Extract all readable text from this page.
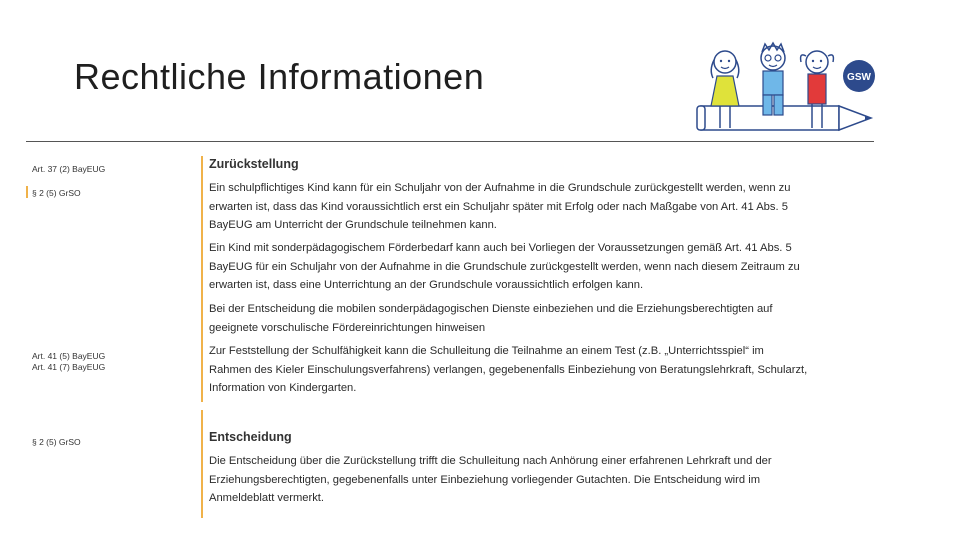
Rechtliche Informationen	GSW
Art. 37 (2) BayEUG
§ 2 (5) GrSO
Art. 41 (5) BayEUG
Art. 41 (7) BayEUG
§ 2 (5) GrSO
Zurückstellung

Ein schulpflichtiges Kind kann für ein Schuljahr von der Aufnahme in die Grundschule zurückgestellt werden, wenn zu
erwarten ist, dass das Kind voraussichtlich erst ein Schuljahr später mit Erfolg oder nach Maßgabe von Art. 41 Abs. 5
BayEUG am Unterricht der Grundschule teilnehmen kann.

Ein Kind mit sonderpädagogischem Förderbedarf kann auch bei Vorliegen der Voraussetzungen gemäß Art. 41 Abs. 5
BayEUG für ein Schuljahr von der Aufnahme in die Grundschule zurückgestellt werden, wenn nach diesem Zeitraum zu
erwarten ist, dass eine Unterrichtung an der Grundschule voraussichtlich erfolgen kann.

Bei der Entscheidung die mobilen sonderpädagogischen Dienste einbeziehen und die Erziehungsberechtigten auf
geeignete vorschulische Fördereinrichtungen hinweisen

Zur Feststellung der Schulfähigkeit kann die Schulleitung die Teilnahme an einem Test (z.B. „Unterrichtsspiel“ im
Rahmen des Kieler Einschulungsverfahrens) verlangen, gegebenenfalls Einbeziehung von Beratungslehrkraft, Schularzt,
Information von Kindergarten.

Entscheidung

Die Entscheidung über die Zurückstellung trifft die Schulleitung nach Anhörung einer erfahrenen Lehrkraft und der
Erziehungsberechtigten, gegebenenfalls unter Einbeziehung vorliegender Gutachten. Die Entscheidung wird im
Anmeldeblatt vermerkt.
